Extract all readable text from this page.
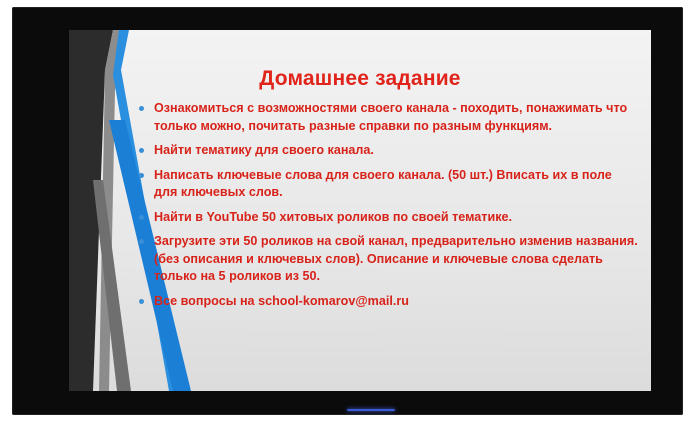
Домашнее задание
Ознакомиться с возможностями своего канала - походить, понажимать что только можно, почитать разные справки по разным функциям.
Найти тематику для своего канала.
Написать ключевые слова для своего канала. (50 шт.) Вписать их в поле для ключевых слов.
Найти в YouTube 50 хитовых роликов по своей тематике.
Загрузите эти 50 роликов на свой канал, предварительно изменив названия. (без описания и ключевых слов). Описание и ключевые слова сделать только на 5 роликов из 50.
Все вопросы на school-komarov@mail.ru
